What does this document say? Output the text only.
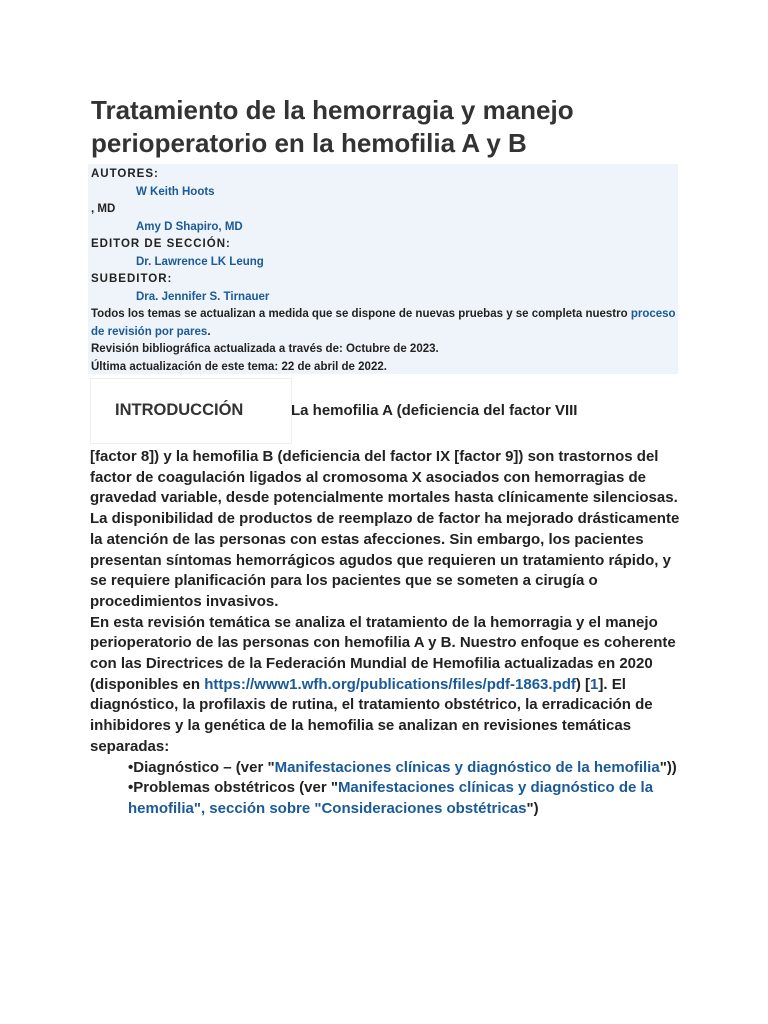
Tratamiento de la hemorragia y manejo perioperatorio en la hemofilia A y B
AUTORES:
W Keith Hoots
, MD
Amy D Shapiro, MD
EDITOR DE SECCIÓN:
Dr. Lawrence LK Leung
SUBEDITOR:
Dra. Jennifer S. Tirnauer
Todos los temas se actualizan a medida que se dispone de nuevas pruebas y se completa nuestro proceso de revisión por pares.
Revisión bibliográfica actualizada a través de: Octubre de 2023.
Última actualización de este tema: 22 de abril de 2022.
INTRODUCCIÓN	La hemofilia A (deficiencia del factor VIII

[factor 8]) y la hemofilia B (deficiencia del factor IX [factor 9]) son trastornos del factor de coagulación ligados al cromosoma X asociados con hemorragias de gravedad variable, desde potencialmente mortales hasta clínicamente silenciosas. La disponibilidad de productos de reemplazo de factor ha mejorado drásticamente la atención de las personas con estas afecciones. Sin embargo, los pacientes presentan síntomas hemorrágicos agudos que requieren un tratamiento rápido, y se requiere planificación para los pacientes que se someten a cirugía o procedimientos invasivos.

En esta revisión temática se analiza el tratamiento de la hemorragia y el manejo perioperatorio de las personas con hemofilia A y B. Nuestro enfoque es coherente con las Directrices de la Federación Mundial de Hemofilia actualizadas en 2020 (disponibles en https://www1.wfh.org/publications/files/pdf-1863.pdf) [1]. El diagnóstico, la profilaxis de rutina, el tratamiento obstétrico, la erradicación de inhibidores y la genética de la hemofilia se analizan en revisiones temáticas separadas:

•Diagnóstico – (ver "Manifestaciones clínicas y diagnóstico de la hemofilia"))
•Problemas obstétricos (ver "Manifestaciones clínicas y diagnóstico de la hemofilia", sección sobre "Consideraciones obstétricas")
